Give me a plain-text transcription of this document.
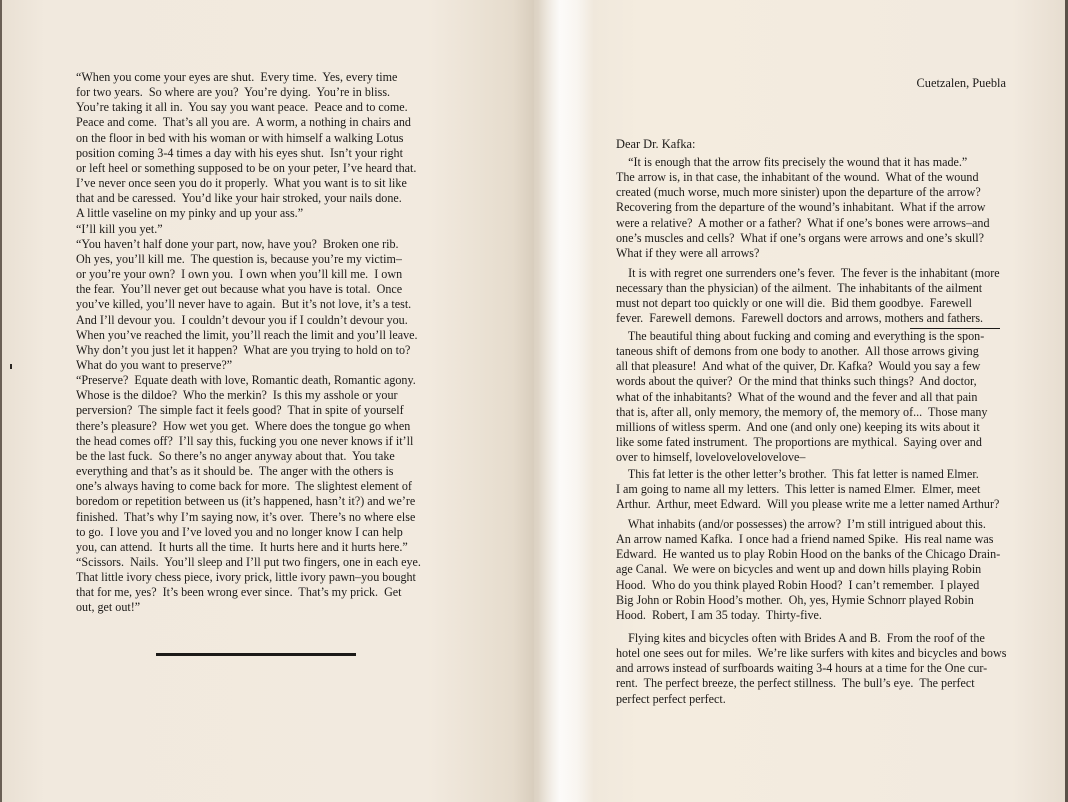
“When you come your eyes are shut.  Every time.  Yes, every time
for two years.  So where are you?  You’re dying.  You’re in bliss.
You’re taking it all in.  You say you want peace.  Peace and to come.
Peace and come.  That’s all you are.  A worm, a nothing in chairs and
on the floor in bed with his woman or with himself a walking Lotus
position coming 3-4 times a day with his eyes shut.  Isn’t your right
or left heel or something supposed to be on your peter, I’ve heard that.
I’ve never once seen you do it properly.  What you want is to sit like
that and be caressed.  You’d like your hair stroked, your nails done.
A little vaseline on my pinky and up your ass.”
“I’ll kill you yet.”
“You haven’t half done your part, now, have you?  Broken one rib.
Oh yes, you’ll kill me.  The question is, because you’re my victim–
or you’re your own?  I own you.  I own when you’ll kill me.  I own
the fear.  You’ll never get out because what you have is total.  Once
you’ve killed, you’ll never have to again.  But it’s not love, it’s a test.
And I’ll devour you.  I couldn’t devour you if I couldn’t devour you.
When you’ve reached the limit, you’ll reach the limit and you’ll leave.
Why don’t you just let it happen?  What are you trying to hold on to?
What do you want to preserve?”
“Preserve?  Equate death with love, Romantic death, Romantic agony.
Whose is the dildoe?  Who the merkin?  Is this my asshole or your
perversion?  The simple fact it feels good?  That in spite of yourself
there’s pleasure?  How wet you get.  Where does the tongue go when
the head comes off?  I’ll say this, fucking you one never knows if it’ll
be the last fuck.  So there’s no anger anyway about that.  You take
everything and that’s as it should be.  The anger with the others is
one’s always having to come back for more.  The slightest element of
boredom or repetition between us (it’s happened, hasn’t it?) and we’re
finished.  That’s why I’m saying now, it’s over.  There’s no where else
to go.  I love you and I’ve loved you and no longer know I can help
you, can attend.  It hurts all the time.  It hurts here and it hurts here.”
“Scissors.  Nails.  You’ll sleep and I’ll put two fingers, one in each eye.
That little ivory chess piece, ivory prick, little ivory pawn–you bought
that for me, yes?  It’s been wrong ever since.  That’s my prick.  Get
out, get out!”

Cuetzalen, Puebla

Dear Dr. Kafka:

“It is enough that the arrow fits precisely the wound that it has made.”
The arrow is, in that case, the inhabitant of the wound.  What of the wound
created (much worse, much more sinister) upon the departure of the arrow?
Recovering from the departure of the wound’s inhabitant.  What if the arrow
were a relative?  A mother or a father?  What if one’s bones were arrows–and
one’s muscles and cells?  What if one’s organs were arrows and one’s skull?
What if they were all arrows?
It is with regret one surrenders one’s fever.  The fever is the inhabitant (more
necessary than the physician) of the ailment.  The inhabitants of the ailment
must not depart too quickly or one will die.  Bid them goodbye.  Farewell
fever.  Farewell demons.  Farewell doctors and arrows, mothers and fathers.
The beautiful thing about fucking and coming and everything is the spon-
taneous shift of demons from one body to another.  All those arrows giving
all that pleasure!  And what of the quiver, Dr. Kafka?  Would you say a few
words about the quiver?  Or the mind that thinks such things?  And doctor,
what of the inhabitants?  What of the wound and the fever and all that pain
that is, after all, only memory, the memory of, the memory of...  Those many
millions of witless sperm.  And one (and only one) keeping its wits about it
like some fated instrument.  The proportions are mythical.  Saying over and
over to himself, lovelovelovelovelove–
This fat letter is the other letter’s brother.  This fat letter is named Elmer.
I am going to name all my letters.  This letter is named Elmer.  Elmer, meet
Arthur.  Arthur, meet Edward.  Will you please write me a letter named Arthur?
What inhabits (and/or possesses) the arrow?  I’m still intrigued about this.
An arrow named Kafka.  I once had a friend named Spike.  His real name was
Edward.  He wanted us to play Robin Hood on the banks of the Chicago Drain-
age Canal.  We were on bicycles and went up and down hills playing Robin
Hood.  Who do you think played Robin Hood?  I can’t remember.  I played
Big John or Robin Hood’s mother.  Oh, yes, Hymie Schnorr played Robin
Hood.  Robert, I am 35 today.  Thirty-five.
Flying kites and bicycles often with Brides A and B.  From the roof of the
hotel one sees out for miles.  We’re like surfers with kites and bicycles and bows
and arrows instead of surfboards waiting 3-4 hours at a time for the One cur-
rent.  The perfect breeze, the perfect stillness.  The bull’s eye.  The perfect
perfect perfect perfect.
